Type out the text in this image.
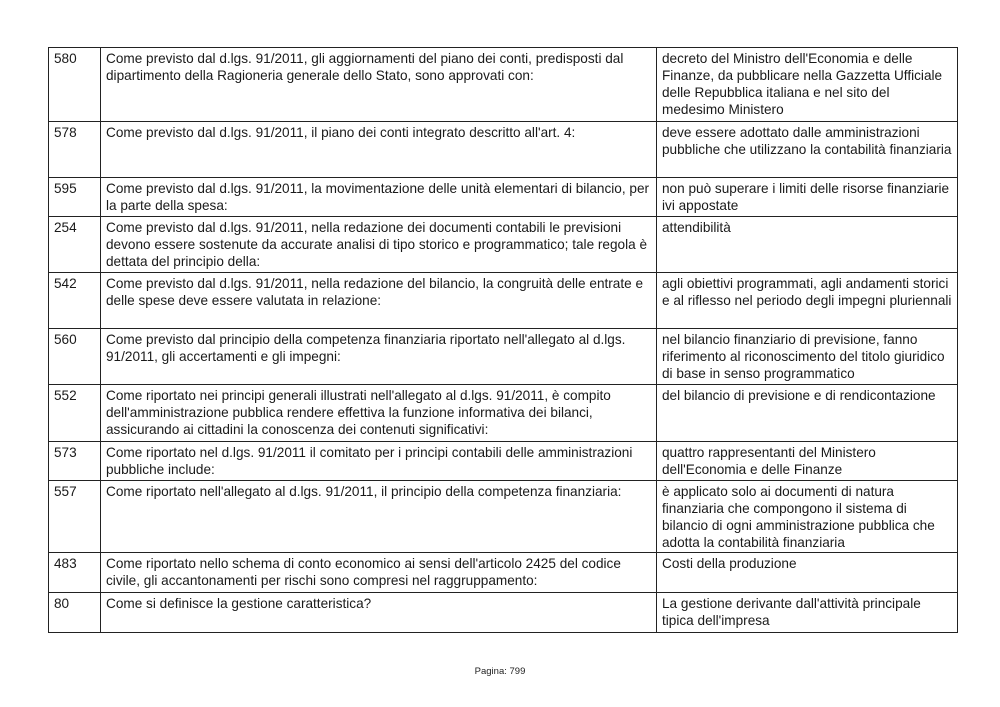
580	Come previsto dal d.lgs. 91/2011, gli aggiornamenti del piano dei conti, predisposti dal dipartimento della Ragioneria generale dello Stato, sono approvati con:	decreto del Ministro dell'Economia e delle Finanze, da pubblicare nella Gazzetta Ufficiale delle Repubblica italiana e nel sito del medesimo Ministero
578	Come previsto dal d.lgs. 91/2011, il piano dei conti integrato descritto all'art. 4:	deve essere adottato dalle amministrazioni pubbliche che utilizzano la contabilità finanziaria
595	Come previsto dal d.lgs. 91/2011, la movimentazione delle unità elementari di bilancio, per la parte della spesa:	non può superare i limiti delle risorse finanziarie ivi appostate
254	Come previsto dal d.lgs. 91/2011, nella redazione dei documenti contabili le previsioni devono essere sostenute da accurate analisi di tipo storico e programmatico; tale regola è dettata del principio della:	attendibilità
542	Come previsto dal d.lgs. 91/2011, nella redazione del bilancio, la congruità delle entrate e delle spese deve essere valutata in relazione:	agli obiettivi programmati, agli andamenti storici e al riflesso nel periodo degli impegni pluriennali
560	Come previsto dal principio della competenza finanziaria riportato nell'allegato al d.lgs. 91/2011, gli accertamenti e gli impegni:	nel bilancio finanziario di previsione, fanno riferimento al riconoscimento del titolo giuridico di base in senso programmatico
552	Come riportato nei principi generali illustrati nell'allegato al d.lgs. 91/2011, è compito dell'amministrazione pubblica rendere effettiva la funzione informativa dei bilanci, assicurando ai cittadini la conoscenza dei contenuti significativi:	del bilancio di previsione e di rendicontazione
573	Come riportato nel d.lgs. 91/2011 il comitato per i principi contabili delle amministrazioni pubbliche include:	quattro rappresentanti del Ministero dell'Economia e delle Finanze
557	Come riportato nell'allegato al d.lgs. 91/2011, il principio della competenza finanziaria:	è applicato solo ai documenti di natura finanziaria che compongono il sistema di bilancio di ogni amministrazione pubblica che adotta la contabilità finanziaria
483	Come riportato nello schema di conto economico ai sensi dell'articolo 2425 del codice civile, gli accantonamenti per rischi sono compresi nel raggruppamento:	Costi della produzione
80	Come si definisce la gestione caratteristica?	La gestione derivante dall'attività principale tipica dell'impresa
Pagina: 799
